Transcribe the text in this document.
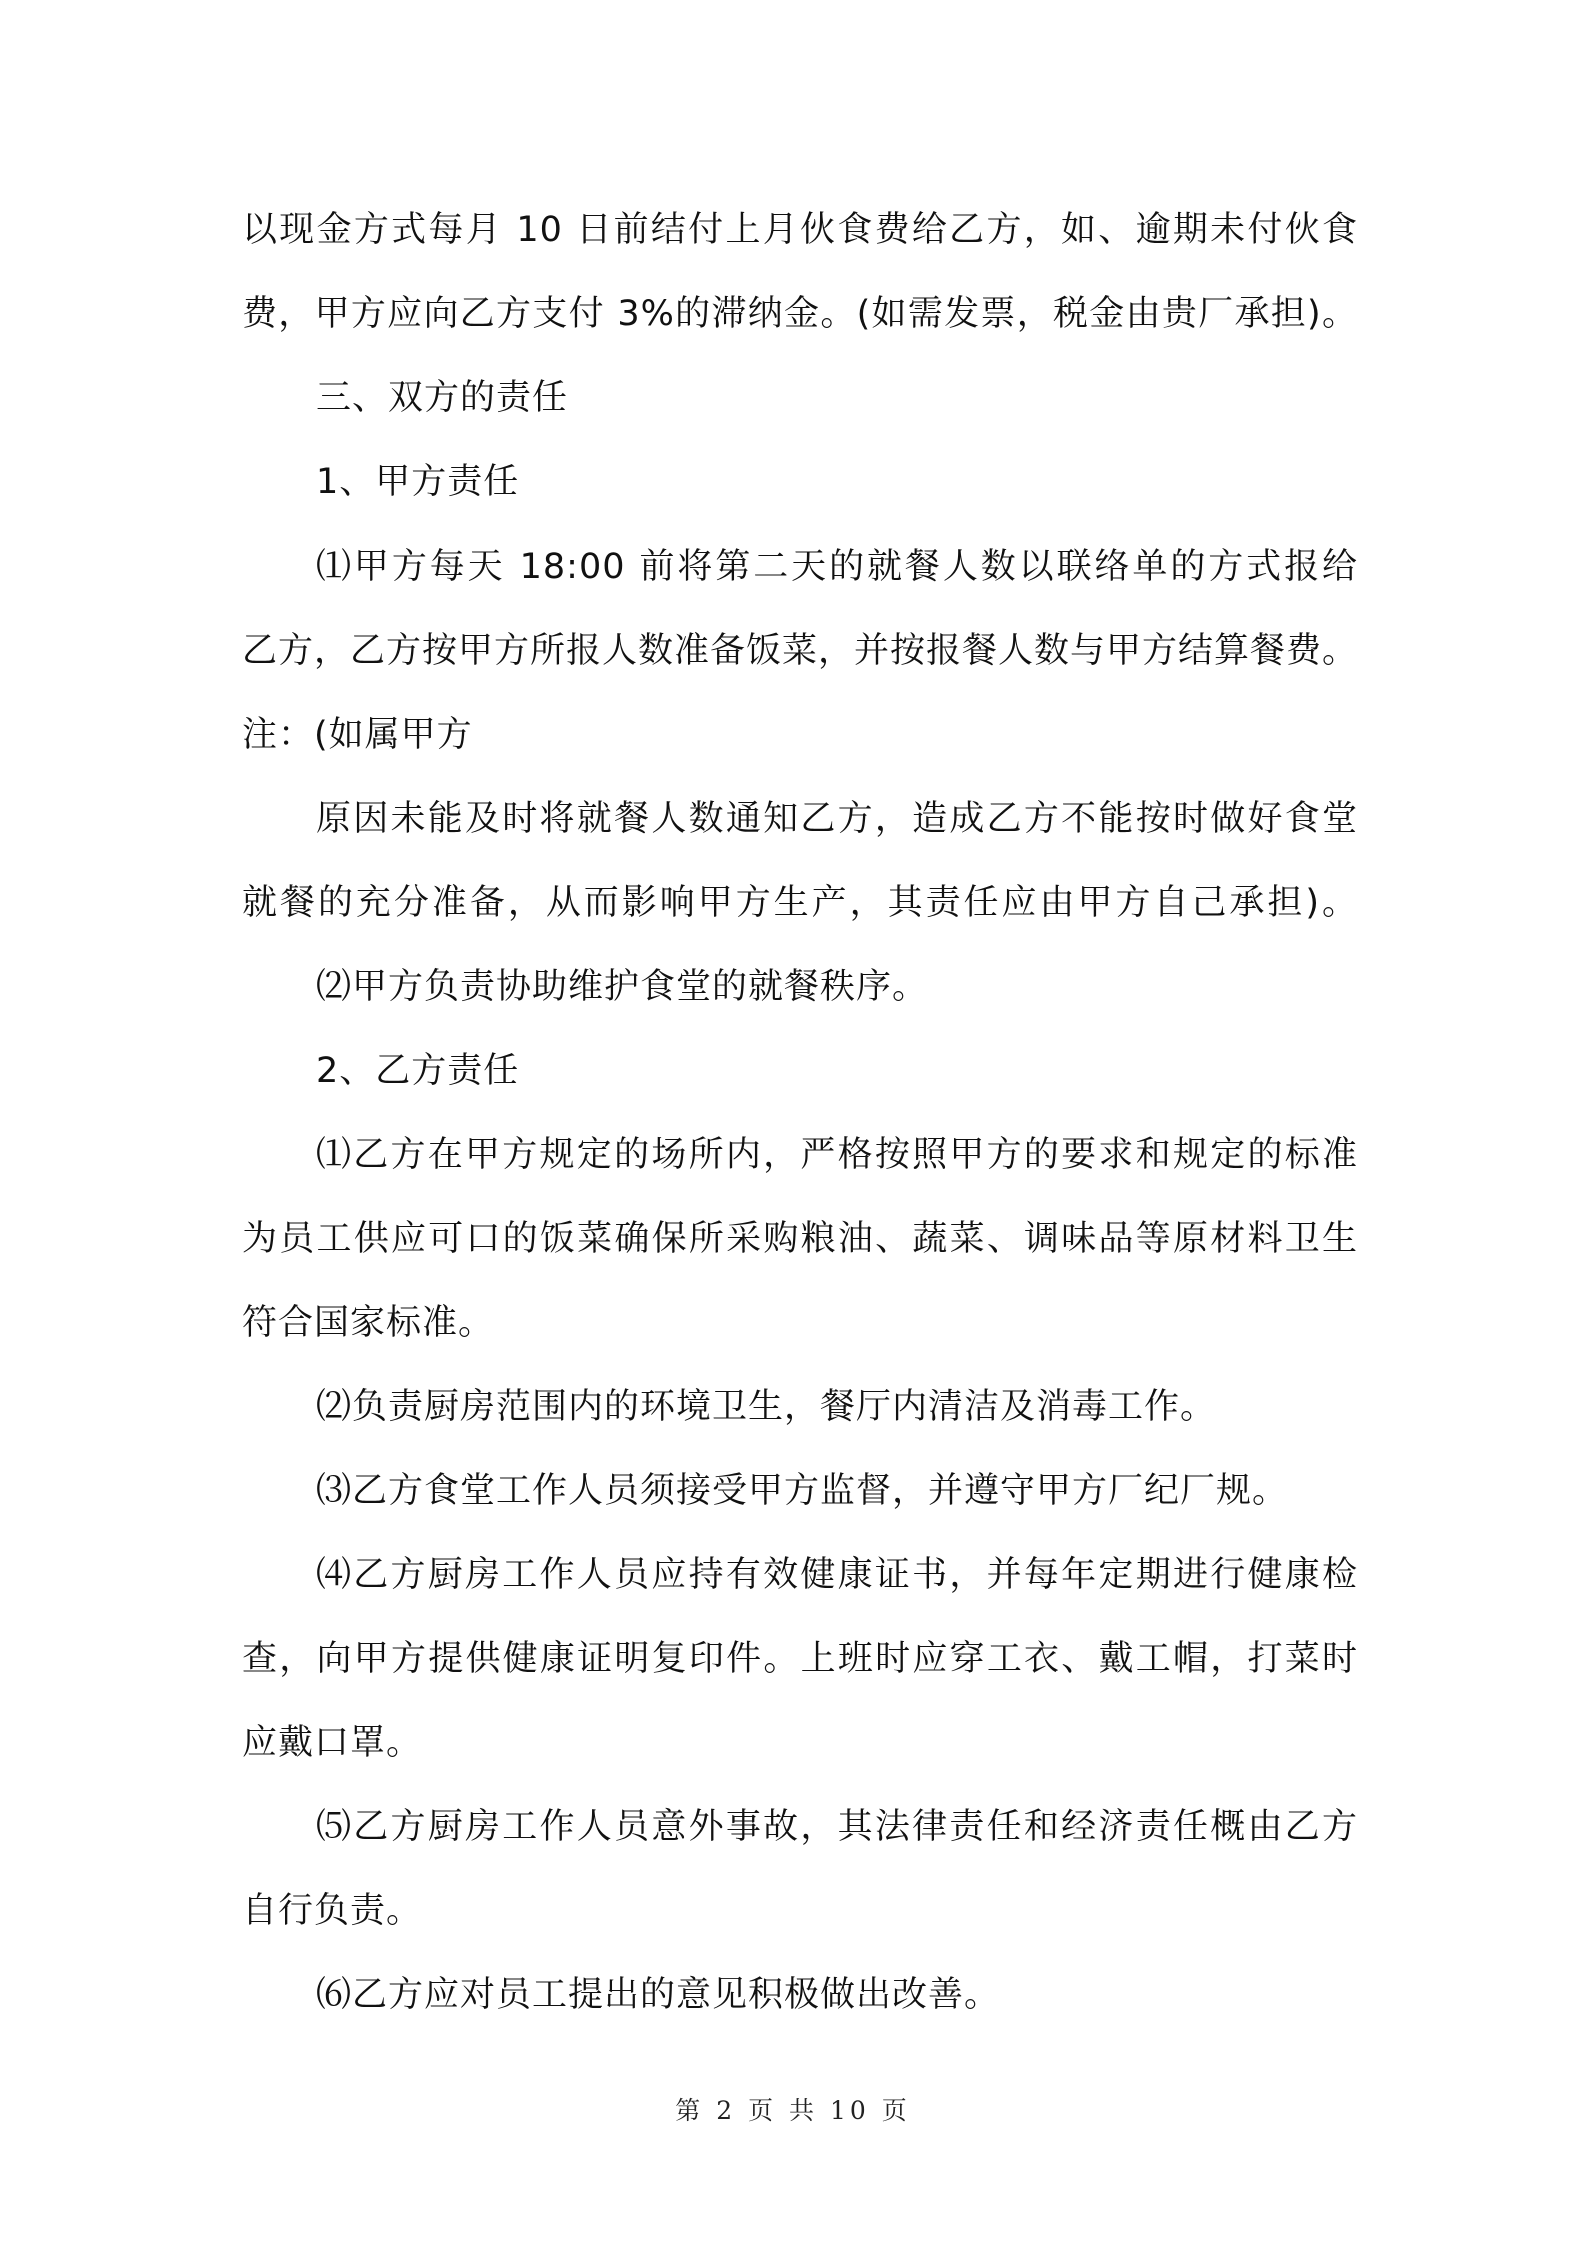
以现金方式每月 10 日前结付上月伙食费给乙方，如、逾期未付伙食
费，甲方应向乙方支付 3%的滞纳金。(如需发票，税金由贵厂承担)。
三、双方的责任
1、甲方责任
⑴甲方每天 18:00 前将第二天的就餐人数以联络单的方式报给
乙方，乙方按甲方所报人数准备饭菜，并按报餐人数与甲方结算餐费。
注：(如属甲方
原因未能及时将就餐人数通知乙方，造成乙方不能按时做好食堂
就餐的充分准备，从而影响甲方生产，其责任应由甲方自己承担)。
⑵甲方负责协助维护食堂的就餐秩序。
2、乙方责任
⑴乙方在甲方规定的场所内，严格按照甲方的要求和规定的标准
为员工供应可口的饭菜确保所采购粮油、蔬菜、调味品等原材料卫生
符合国家标准。
⑵负责厨房范围内的环境卫生，餐厅内清洁及消毒工作。
⑶乙方食堂工作人员须接受甲方监督，并遵守甲方厂纪厂规。
⑷乙方厨房工作人员应持有效健康证书，并每年定期进行健康检
查，向甲方提供健康证明复印件。上班时应穿工衣、戴工帽，打菜时
应戴口罩。
⑸乙方厨房工作人员意外事故，其法律责任和经济责任概由乙方
自行负责。
⑹乙方应对员工提出的意见积极做出改善。
第 2 页 共 10 页
